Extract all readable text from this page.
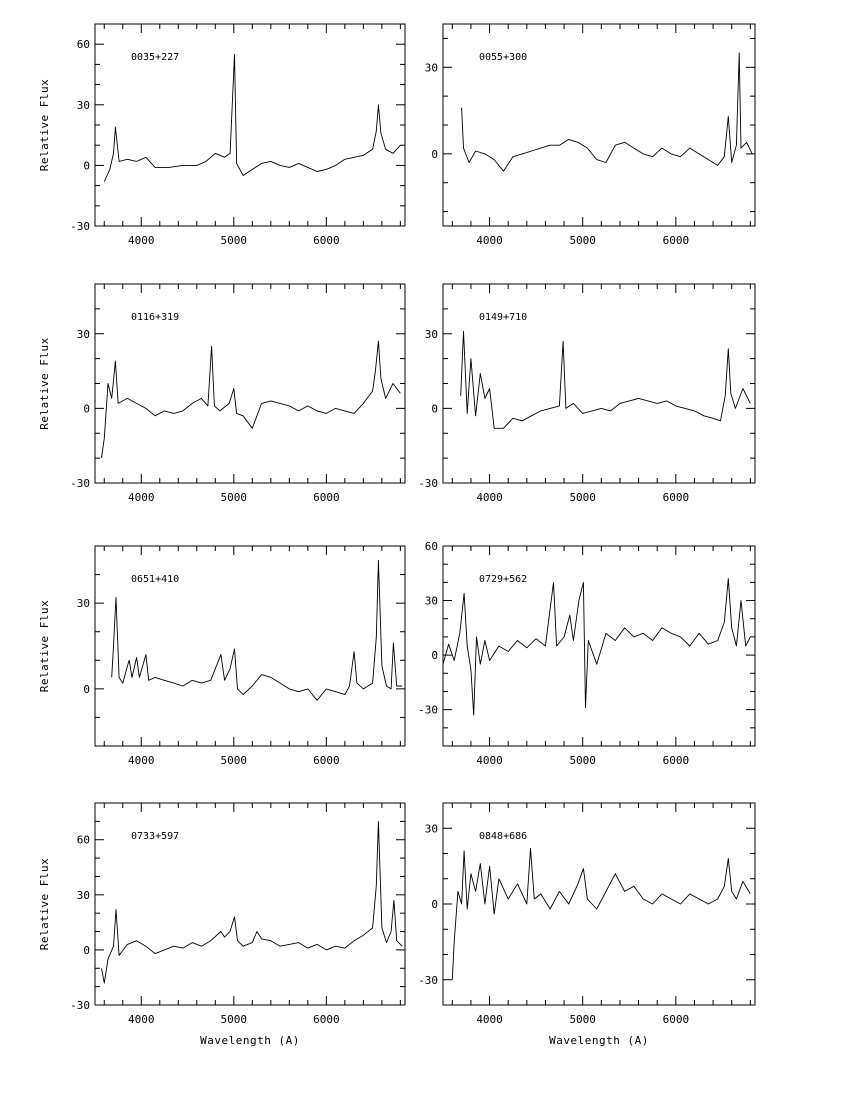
4000	5000	6000
-30
0
30
60
0035+227
4000	5000	6000
0
30
0055+300
4000	5000	6000
-30
0
30
0116+319
4000	5000	6000
-30
0
30
0149+710
4000	5000	6000
0
30
0651+410
4000	5000	6000
-30
0
30
60
0729+562
4000	5000	6000
-30
0
30
60	0733+597
4000	5000	6000
-30
0
30
0848+686
Relative Flux
Relative Flux
Relative Flux
Relative Flux
Wavelength (A)	Wavelength (A)
